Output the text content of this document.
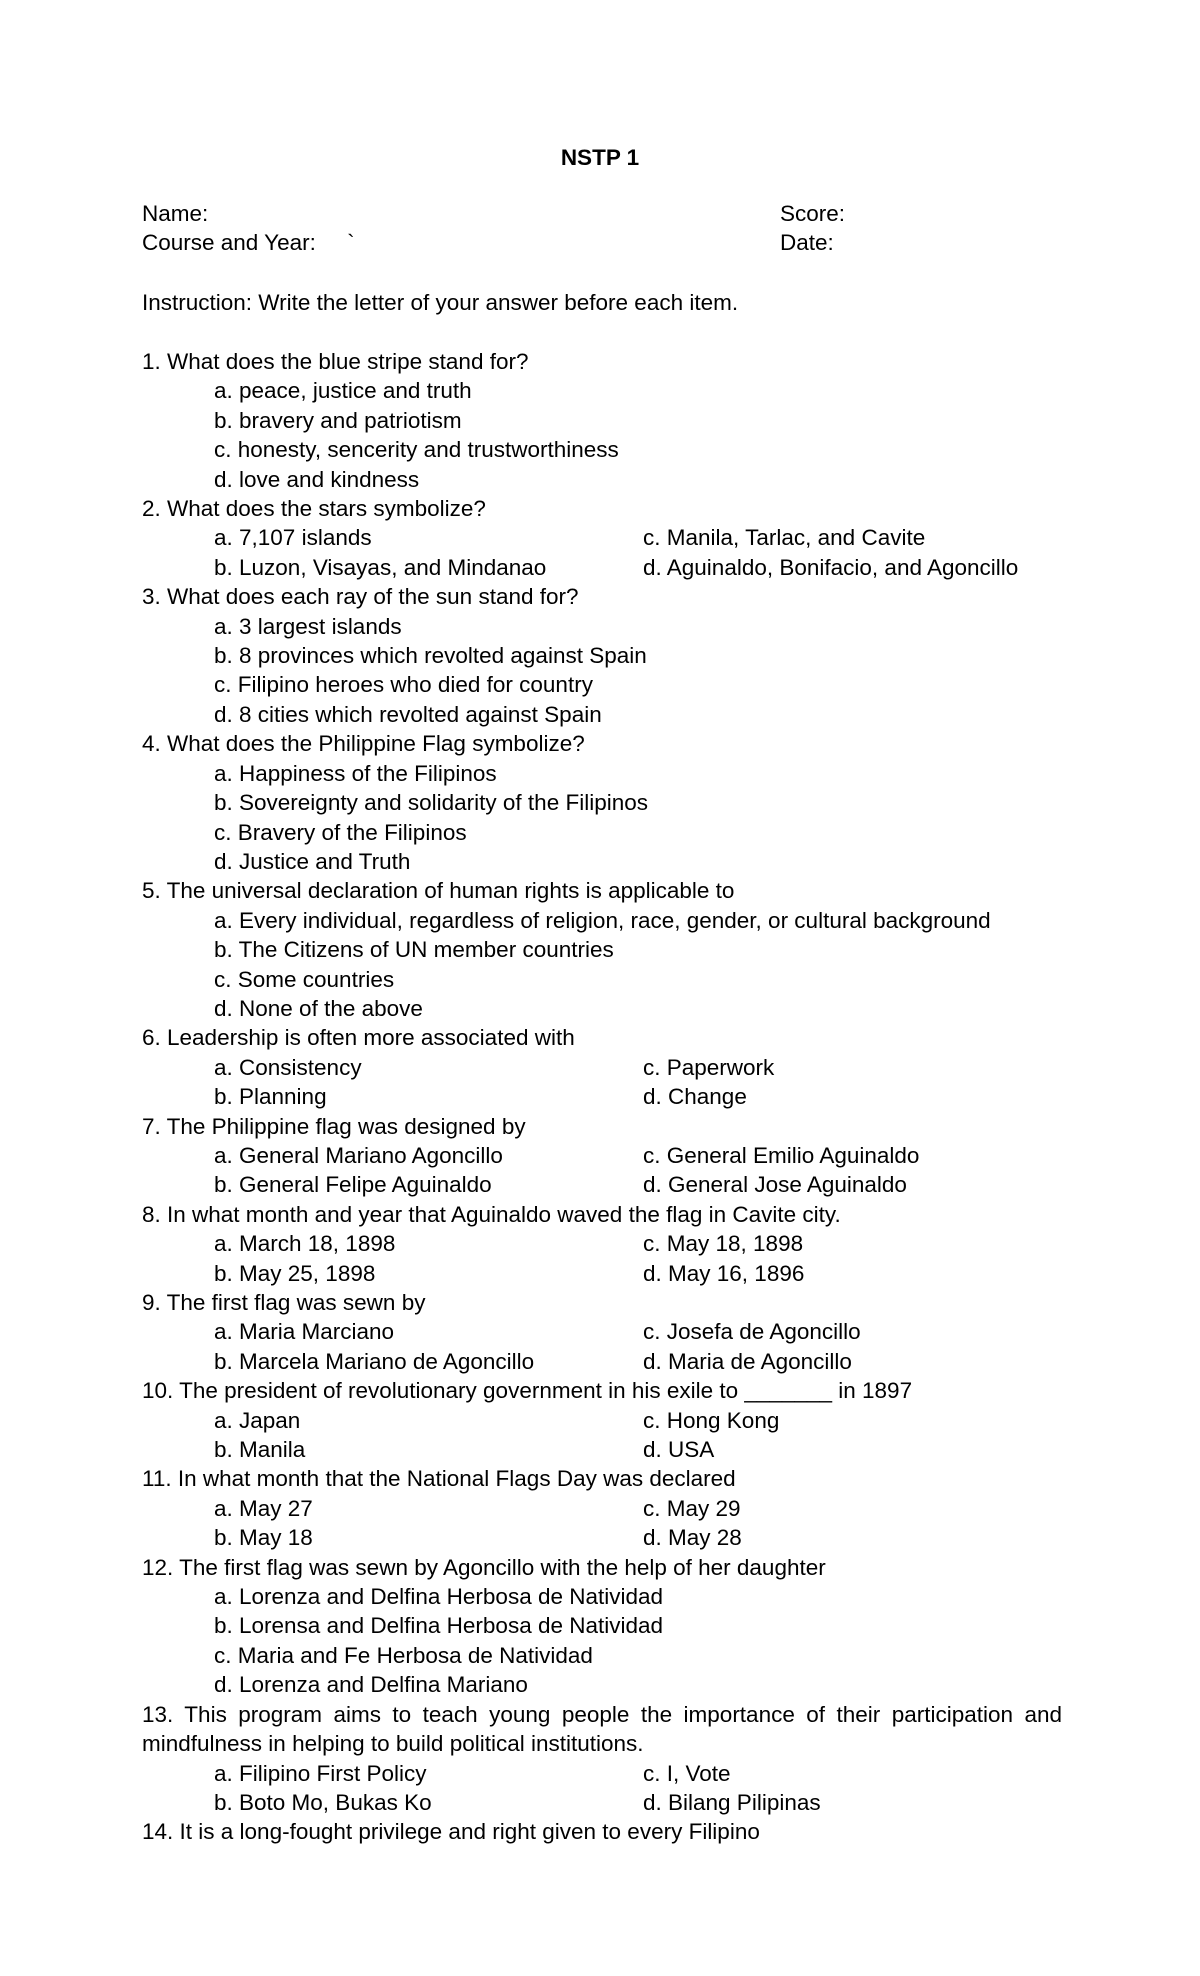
NSTP 1
Name:	Score:
Course and Year:     `	Date:
Instruction: Write the letter of your answer before each item.
1. What does the blue stripe stand for?
a. peace, justice and truth
b. bravery and patriotism
c. honesty, sencerity and trustworthiness
d. love and kindness
2. What does the stars symbolize?
a. 7,107 islands	c. Manila, Tarlac, and Cavite
b. Luzon, Visayas, and Mindanao	d. Aguinaldo, Bonifacio, and Agoncillo
3. What does each ray of the sun stand for?
a. 3 largest islands
b. 8 provinces which revolted against Spain
c. Filipino heroes who died for country
d. 8 cities which revolted against Spain
4. What does the Philippine Flag symbolize?
a. Happiness of the Filipinos
b. Sovereignty and solidarity of the Filipinos
c. Bravery of the Filipinos
d. Justice and Truth
5. The universal declaration of human rights is applicable to
a. Every individual, regardless of religion, race, gender, or cultural background
b. The Citizens of UN member countries
c. Some countries
d. None of the above
6. Leadership is often more associated with
a. Consistency	c. Paperwork
b. Planning	d. Change
7. The Philippine flag was designed by
a. General Mariano Agoncillo	c. General Emilio Aguinaldo
b. General Felipe Aguinaldo	d. General Jose Aguinaldo
8. In what month and year that Aguinaldo waved the flag in Cavite city.
a. March 18, 1898	c. May 18, 1898
b. May 25, 1898	d. May 16, 1896
9. The first flag was sewn by
a. Maria Marciano	c. Josefa de Agoncillo
b. Marcela Mariano de Agoncillo	d. Maria de Agoncillo
10. The president of revolutionary government in his exile to _______ in 1897
a. Japan	c. Hong Kong
b. Manila	d. USA
11. In what month that the National Flags Day was declared
a. May 27	c. May 29
b. May 18	d. May 28
12. The first flag was sewn by Agoncillo with the help of her daughter
a. Lorenza and Delfina Herbosa de Natividad
b. Lorensa and Delfina Herbosa de Natividad
c. Maria and Fe Herbosa de Natividad
d. Lorenza and Delfina Mariano
13. This program aims to teach young people the importance of their participation and mindfulness in helping to build political institutions.
a. Filipino First Policy	c. I, Vote
b. Boto Mo, Bukas Ko	d. Bilang Pilipinas
14. It is a long-fought privilege and right given to every Filipino
